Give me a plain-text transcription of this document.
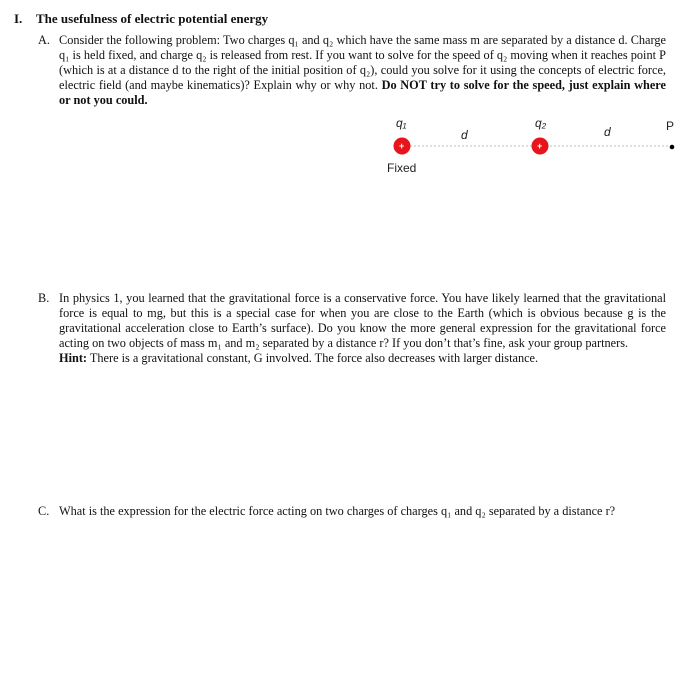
I. The usefulness of electric potential energy
A. Consider the following problem: Two charges q₁ and q₂ which have the same mass m are separated by a distance d. Charge q₁ is held fixed, and charge q₂ is released from rest. If you want to solve for the speed of q₂ moving when it reaches point P (which is at a distance d to the right of the initial position of q₂), could you solve for it using the concepts of electric force, electric field (and maybe kinematics)? Explain why or why not. Do NOT try to solve for the speed, just explain where or not you could.

q₁
d
q₂
d	P
+	+
Fixed
B. In physics 1, you learned that the gravitational force is a conservative force. You have likely learned that the gravitational force is equal to mg, but this is a special case for when you are close to the Earth (which is obvious because g is the gravitational acceleration close to Earth’s surface). Do you know the more general expression for the gravitational force acting on two objects of mass m₁ and m₂ separated by a distance r? If you don’t that’s fine, ask your group partners.

Hint: There is a gravitational constant, G involved. The force also decreases with larger distance.

C. What is the expression for the electric force acting on two charges of charges q₁ and q₂ separated by a distance r?
